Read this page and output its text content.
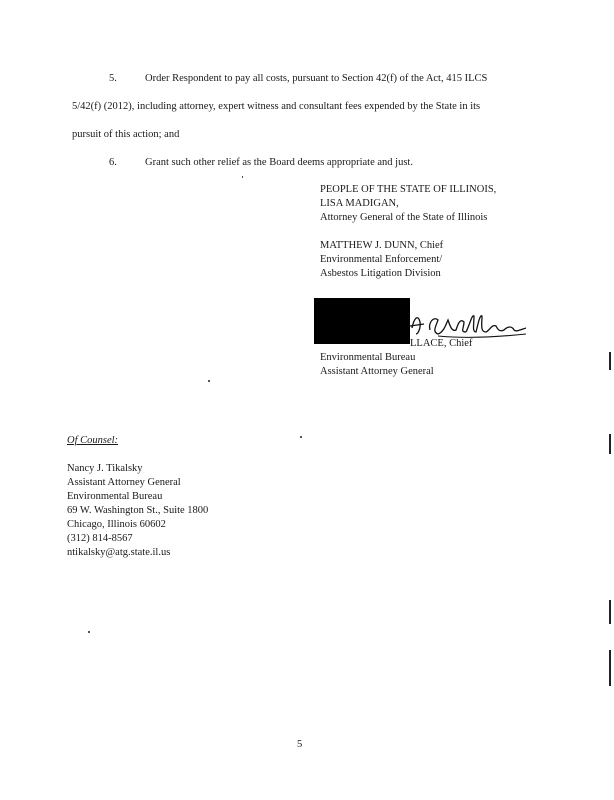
5.	Order Respondent to pay all costs, pursuant to Section 42(f) of the Act, 415 ILCS
5/42(f) (2012), including attorney, expert witness and consultant fees expended by the State in its
pursuit of this action; and
6.	Grant such other relief as the Board deems appropriate and just.
PEOPLE OF THE STATE OF ILLINOIS,
LISA MADIGAN,
Attorney General of the State of Illinois
MATTHEW J. DUNN, Chief
Environmental Enforcement/
Asbestos Litigation Division
LLACE, Chief
Environmental Bureau
Assistant Attorney General
Of Counsel:
Nancy J. Tikalsky
Assistant Attorney General
Environmental Bureau
69 W. Washington St., Suite 1800
Chicago, Illinois 60602
(312) 814-8567
ntikalsky@atg.state.il.us
5
